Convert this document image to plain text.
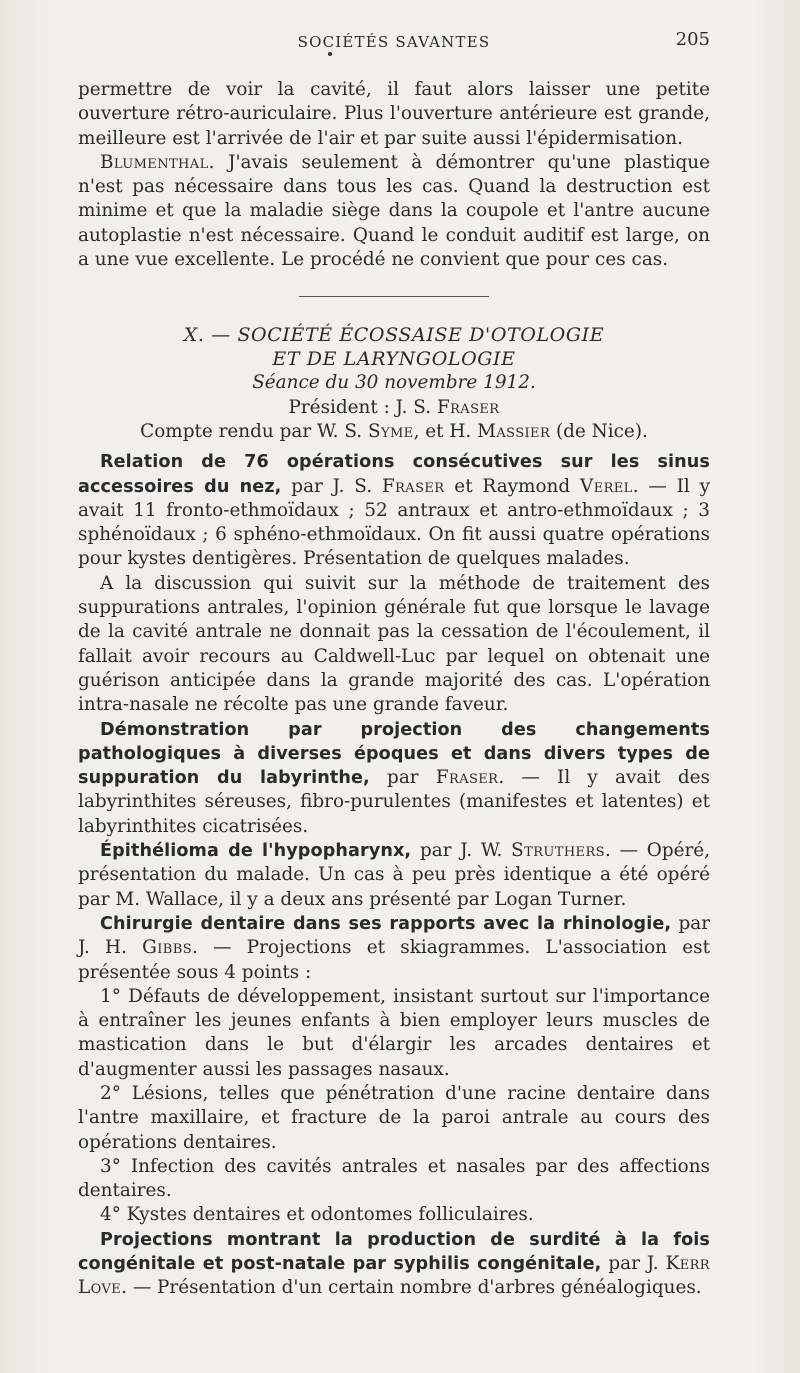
SOCIÉTÉS SAVANTES	205

permettre de voir la cavité, il faut alors laisser une petite ouverture rétro-auriculaire. Plus l'ouverture antérieure est grande, meilleure est l'arrivée de l'air et par suite aussi l'épidermisation.

Blumenthal. J'avais seulement à démontrer qu'une plastique n'est pas nécessaire dans tous les cas. Quand la destruction est minime et que la maladie siège dans la coupole et l'antre aucune autoplastie n'est nécessaire. Quand le conduit auditif est large, on a une vue excellente. Le procédé ne convient que pour ces cas.

X. — SOCIÉTÉ ÉCOSSAISE D'OTOLOGIE
ET DE LARYNGOLOGIE
Séance du 30 novembre 1912.
Président : J. S. Fraser
Compte rendu par W. S. Syme, et H. Massier (de Nice).

Relation de 76 opérations consécutives sur les sinus accessoires du nez, par J. S. Fraser et Raymond Verel. — Il y avait 11 fronto-ethmoïdaux ; 52 antraux et antro-ethmoïdaux ; 3 sphénoïdaux ; 6 sphéno-ethmoïdaux. On fit aussi quatre opérations pour kystes dentigères. Présentation de quelques malades.

A la discussion qui suivit sur la méthode de traitement des suppurations antrales, l'opinion générale fut que lorsque le lavage de la cavité antrale ne donnait pas la cessation de l'écoulement, il fallait avoir recours au Caldwell-Luc par lequel on obtenait une guérison anticipée dans la grande majorité des cas. L'opération intra-nasale ne récolte pas une grande faveur.

Démonstration par projection des changements pathologiques à diverses époques et dans divers types de suppuration du labyrinthe, par Fraser. — Il y avait des labyrinthites séreuses, fibro-purulentes (manifestes et latentes) et labyrinthites cicatrisées.

Épithélioma de l'hypopharynx, par J. W. Struthers. — Opéré, présentation du malade. Un cas à peu près identique a été opéré par M. Wallace, il y a deux ans présenté par Logan Turner.

Chirurgie dentaire dans ses rapports avec la rhinologie, par J. H. Gibbs. — Projections et skiagrammes. L'association est présentée sous 4 points :

1° Défauts de développement, insistant surtout sur l'importance à entraîner les jeunes enfants à bien employer leurs muscles de mastication dans le but d'élargir les arcades dentaires et d'augmenter aussi les passages nasaux.

2° Lésions, telles que pénétration d'une racine dentaire dans l'antre maxillaire, et fracture de la paroi antrale au cours des opérations dentaires.

3° Infection des cavités antrales et nasales par des affections dentaires.

4° Kystes dentaires et odontomes folliculaires.

Projections montrant la production de surdité à la fois congénitale et post-natale par syphilis congénitale, par J. Kerr Love. — Présentation d'un certain nombre d'arbres généalogiques.
